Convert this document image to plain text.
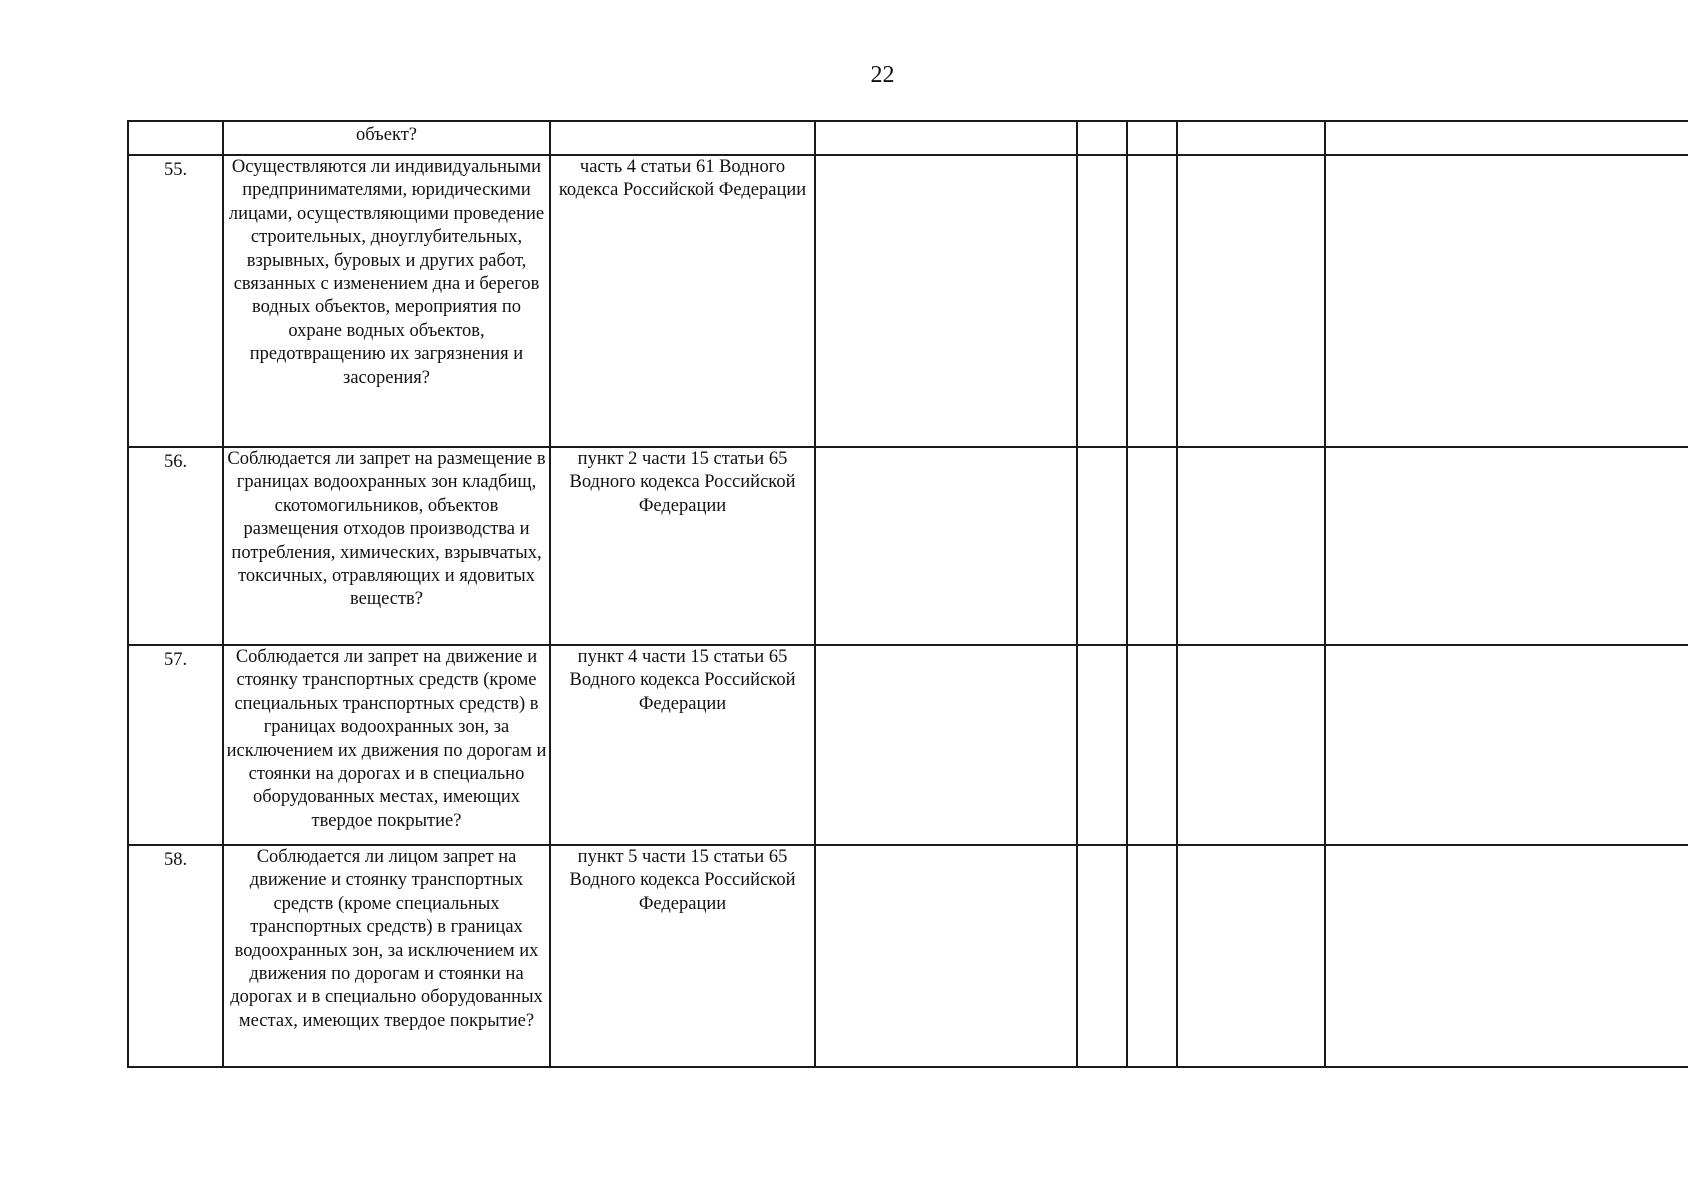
22
	объект?						
55.	Осуществляются ли индивидуальными предпринимателями, юридическими лицами, осуществляющими проведение строительных, дноуглубительных, взрывных, буровых и других работ, связанных с изменением дна и берегов водных объектов, мероприятия по охране водных объектов, предотвращению их загрязнения и засорения?	часть 4 статьи 61 Водного кодекса Российской Федерации					
56.	Соблюдается ли запрет на размещение в границах водоохранных зон кладбищ, скотомогильников, объектов размещения отходов производства и потребления, химических, взрывчатых, токсичных, отравляющих и ядовитых веществ?	пункт 2 части 15 статьи 65 Водного кодекса Российской Федерации					
57.	Соблюдается ли запрет на движение и стоянку транспортных средств (кроме специальных транспортных средств) в границах водоохранных зон, за исключением их движения по дорогам и стоянки на дорогах и в специально оборудованных местах, имеющих твердое покрытие?	пункт 4 части 15 статьи 65 Водного кодекса Российской Федерации					
58.	Соблюдается ли лицом запрет на движение и стоянку транспортных средств (кроме специальных транспортных средств) в границах водоохранных зон, за исключением их движения по дорогам и стоянки на дорогах и в специально оборудованных местах, имеющих твердое покрытие?	пункт 5 части 15 статьи 65 Водного кодекса Российской Федерации					
